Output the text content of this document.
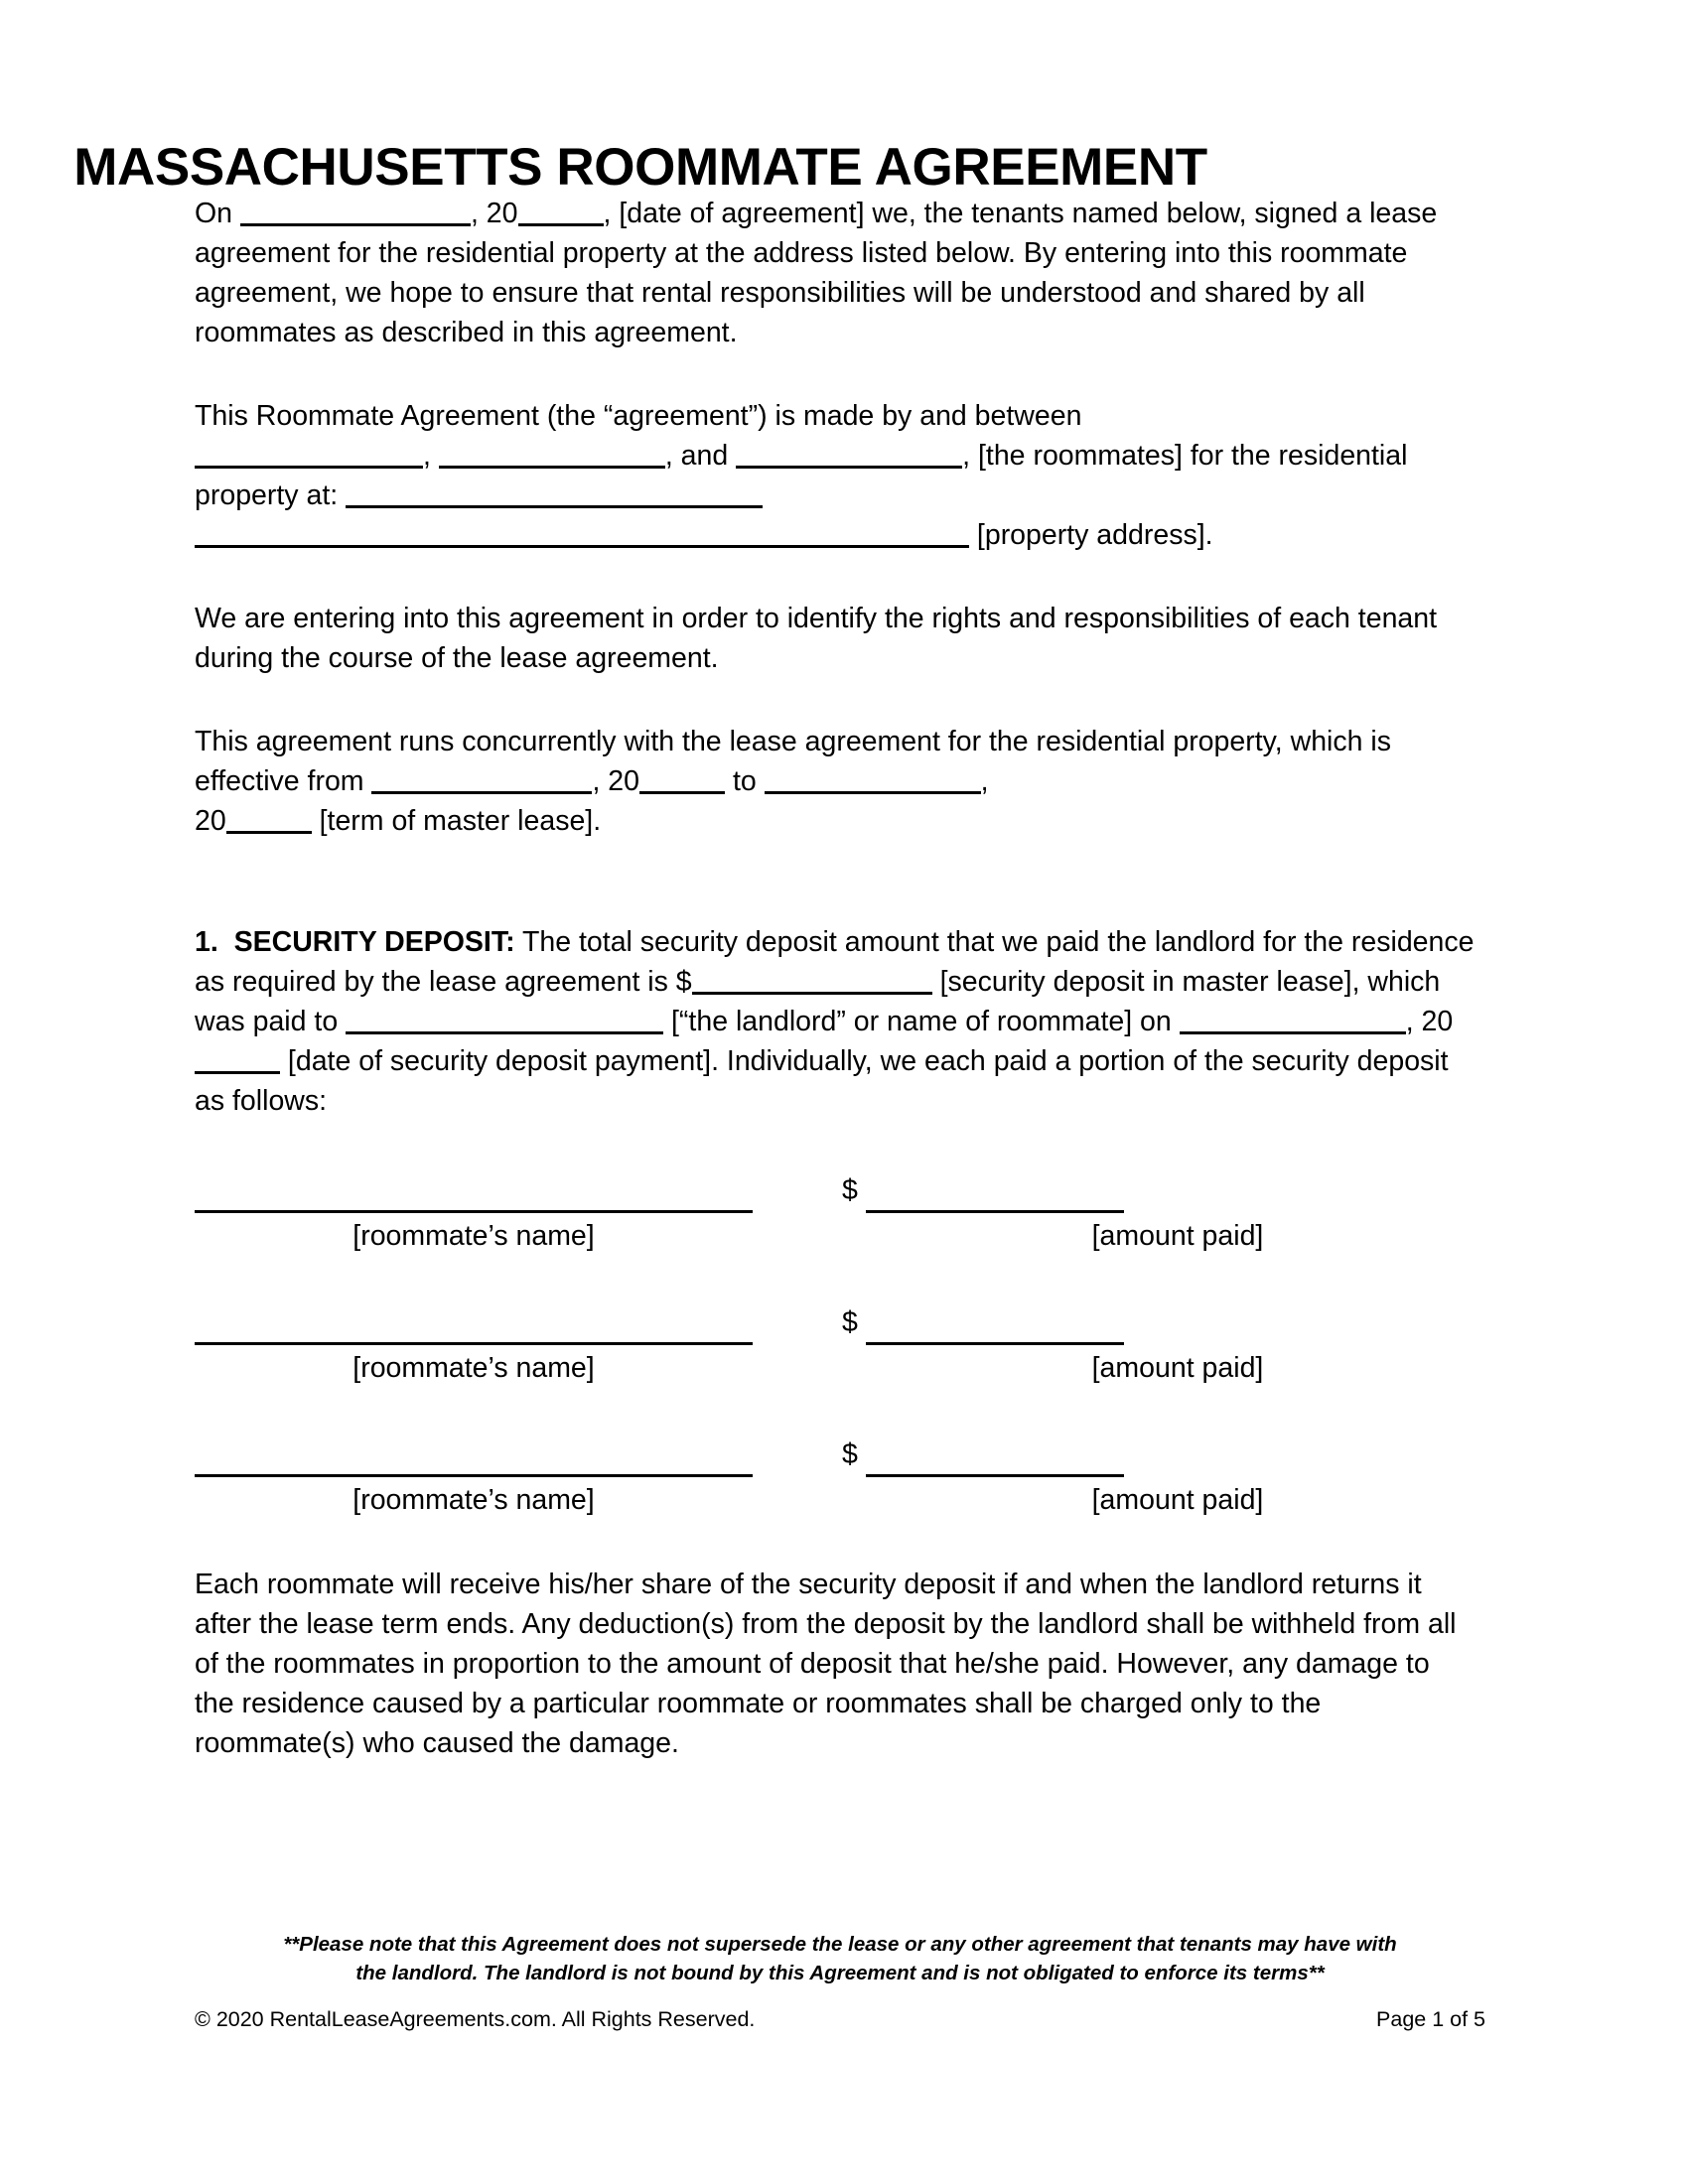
MASSACHUSETTS ROOMMATE AGREEMENT

On	, 20	, [date of agreement] we, the tenants named below, signed a lease agreement for the residential property at the address listed below. By entering into this roommate agreement, we hope to ensure that rental responsibilities will be understood and shared by all roommates as described in this agreement.

This Roommate Agreement (the “agreement”) is made by and between
,	, and	, [the roommates] for the residential property at:
[property address].

We are entering into this agreement in order to identify the rights and responsibilities of each tenant during the course of the lease agreement.

This agreement runs concurrently with the lease agreement for the residential property, which is effective from	, 20	to	,
20	[term of master lease].

1. SECURITY DEPOSIT: The total security deposit amount that we paid the landlord for the residence as required by the lease agreement is $	[security deposit in master lease], which was paid to	[“the landlord” or name of roommate] on	, 20 [date of security deposit payment]. Individually, we each paid a portion of the security deposit as follows:

		$

[roommate’s name]		[amount paid]

		$

[roommate’s name]		[amount paid]

		$

[roommate’s name]		[amount paid]

Each roommate will receive his/her share of the security deposit if and when the landlord returns it after the lease term ends. Any deduction(s) from the deposit by the landlord shall be withheld from all of the roommates in proportion to the amount of deposit that he/she paid. However, any damage to the residence caused by a particular roommate or roommates shall be charged only to the roommate(s) who caused the damage.

**Please note that this Agreement does not supersede the lease or any other agreement that tenants may have with
the landlord. The landlord is not bound by this Agreement and is not obligated to enforce its terms**
© 2020 RentalLeaseAgreements.com. All Rights Reserved.	Page 1 of 5
